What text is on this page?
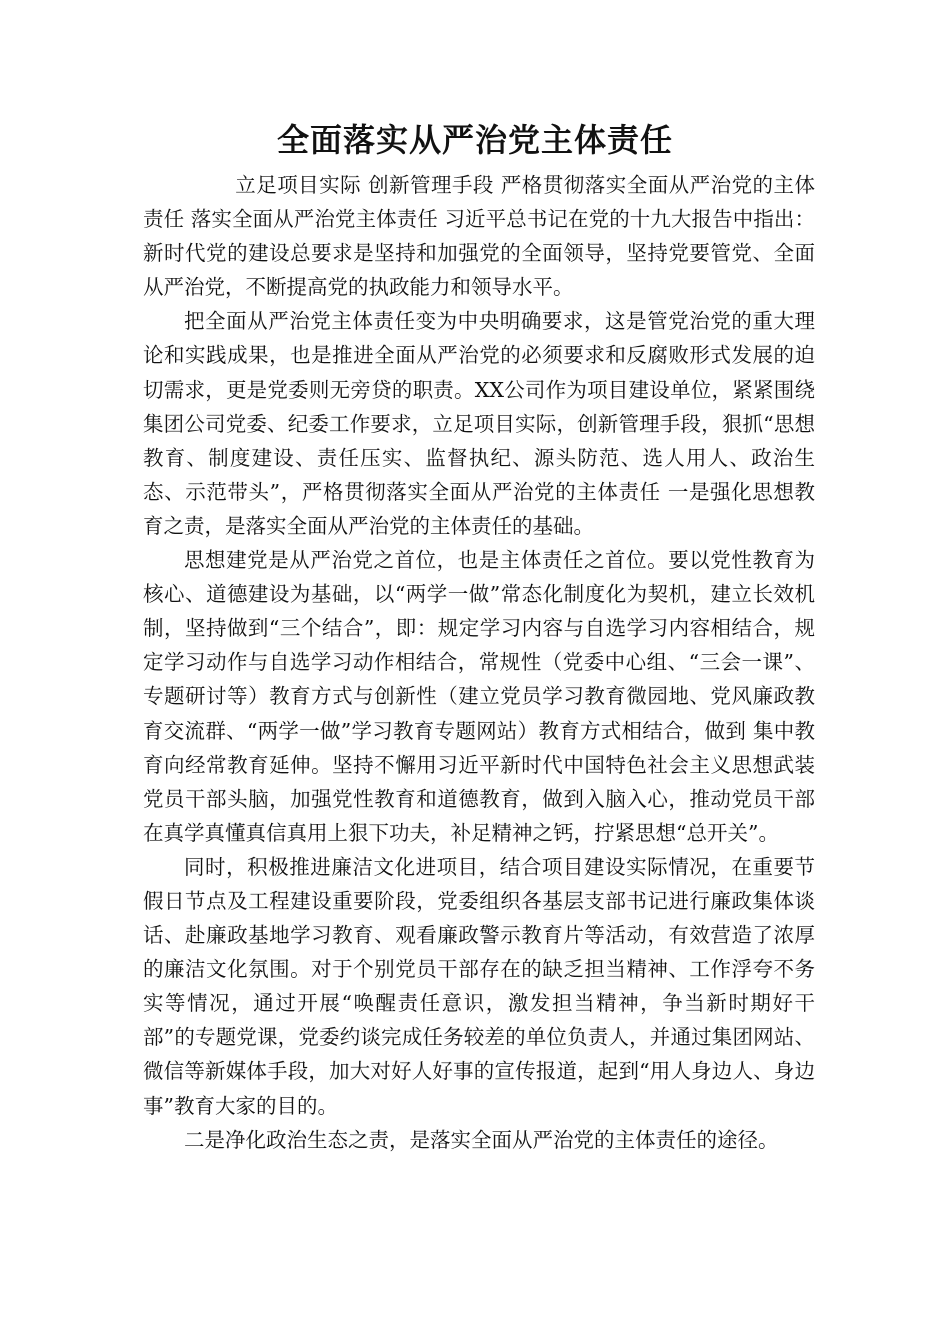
全面落实从严治党主体责任

立足项目实际 创新管理手段 严格贯彻落实全面从严治党的主体责任 落实全面从严治党主体责任 习近平总书记在党的十九大报告中指出：新时代党的建设总要求是坚持和加强党的全面领导，坚持党要管党、全面从严治党，不断提高党的执政能力和领导水平。

把全面从严治党主体责任变为中央明确要求，这是管党治党的重大理论和实践成果，也是推进全面从严治党的必须要求和反腐败形式发展的迫切需求，更是党委则无旁贷的职责。XX公司作为项目建设单位，紧紧围绕集团公司党委、纪委工作要求，立足项目实际，创新管理手段，狠抓“思想教育、制度建设、责任压实、监督执纪、源头防范、选人用人、政治生态、示范带头”，严格贯彻落实全面从严治党的主体责任 一是强化思想教育之责，是落实全面从严治党的主体责任的基础。

思想建党是从严治党之首位，也是主体责任之首位。要以党性教育为核心、道德建设为基础，以“两学一做”常态化制度化为契机，建立长效机制，坚持做到“三个结合”，即：规定学习内容与自选学习内容相结合，规定学习动作与自选学习动作相结合，常规性（党委中心组、“三会一课”、专题研讨等）教育方式与创新性（建立党员学习教育微园地、党风廉政教育交流群、“两学一做”学习教育专题网站）教育方式相结合，做到 集中教育向经常教育延伸。坚持不懈用习近平新时代中国特色社会主义思想武装党员干部头脑，加强党性教育和道德教育，做到入脑入心，推动党员干部在真学真懂真信真用上狠下功夫，补足精神之钙，拧紧思想“总开关”。

同时，积极推进廉洁文化进项目，结合项目建设实际情况，在重要节假日节点及工程建设重要阶段，党委组织各基层支部书记进行廉政集体谈话、赴廉政基地学习教育、观看廉政警示教育片等活动，有效营造了浓厚的廉洁文化氛围。对于个别党员干部存在的缺乏担当精神、工作浮夸不务实等情况，通过开展“唤醒责任意识，激发担当精神，争当新时期好干部”的专题党课，党委约谈完成任务较差的单位负责人，并通过集团网站、微信等新媒体手段，加大对好人好事的宣传报道，起到“用人身边人、身边事”教育大家的目的。

二是净化政治生态之责，是落实全面从严治党的主体责任的途径。
